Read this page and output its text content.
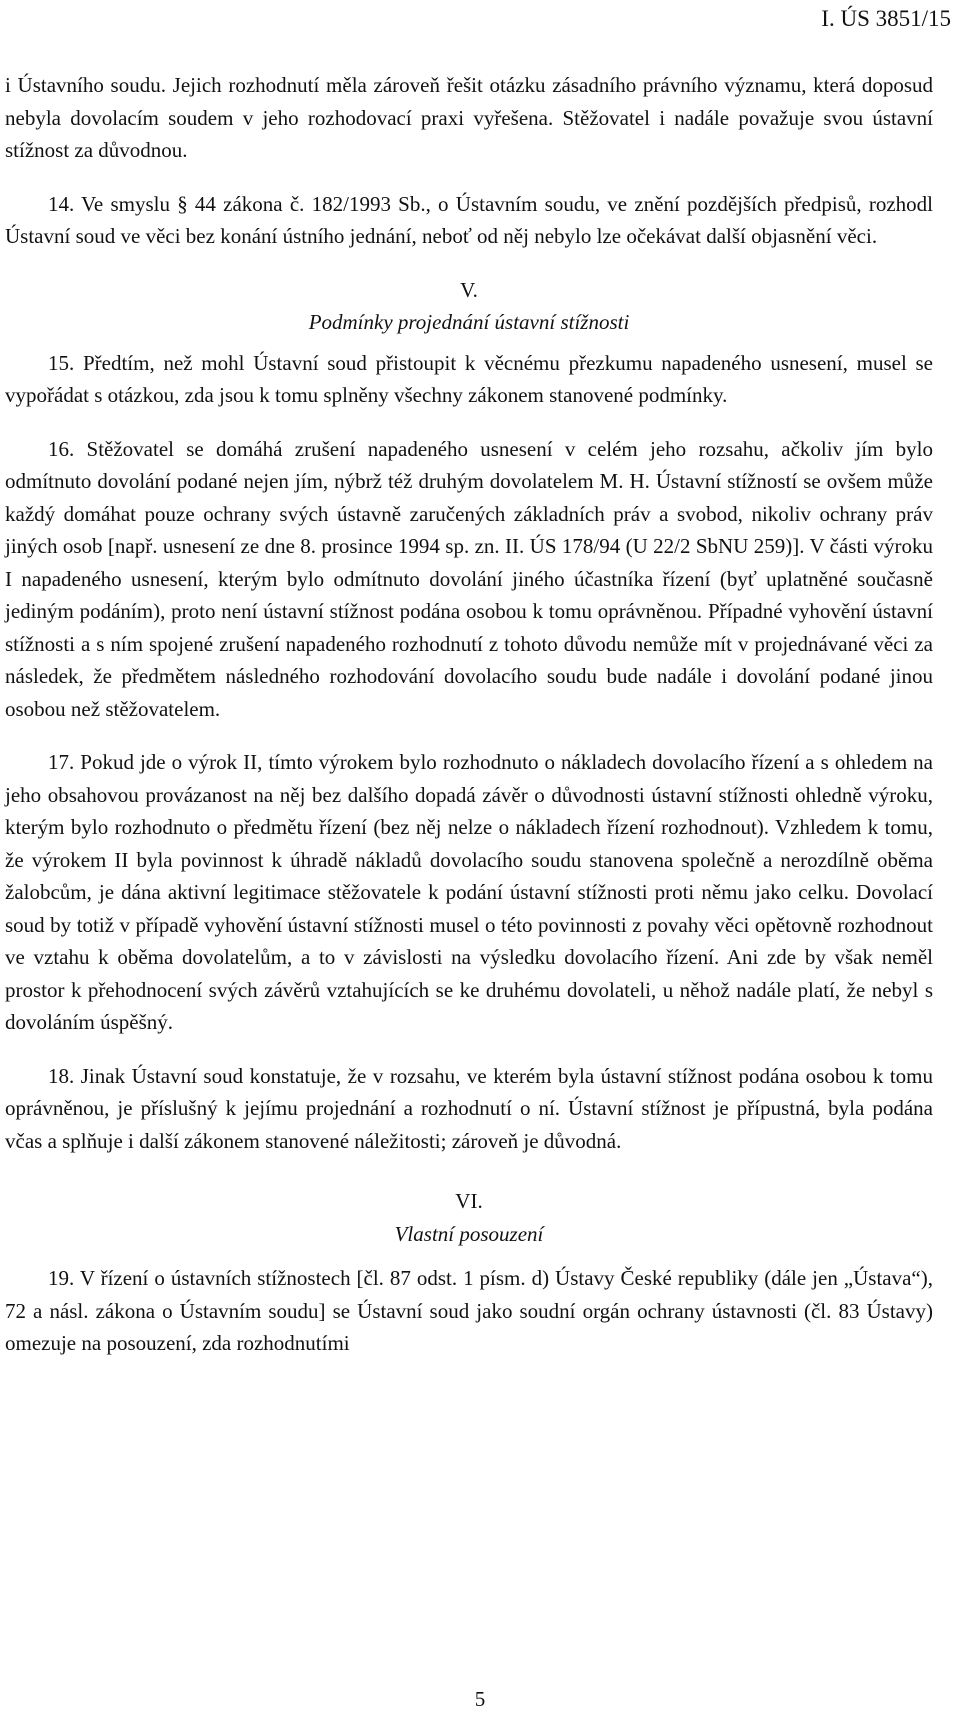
I. ÚS 3851/15

i Ústavního soudu. Jejich rozhodnutí měla zároveň řešit otázku zásadního právního významu, která doposud nebyla dovolacím soudem v jeho rozhodovací praxi vyřešena. Stěžovatel i nadále považuje svou ústavní stížnost za důvodnou.

14. Ve smyslu § 44 zákona č. 182/1993 Sb., o Ústavním soudu, ve znění pozdějších předpisů, rozhodl Ústavní soud ve věci bez konání ústního jednání, neboť od něj nebylo lze očekávat další objasnění věci.

V.

Podmínky projednání ústavní stížnosti

15. Předtím, než mohl Ústavní soud přistoupit k věcnému přezkumu napadeného usnesení, musel se vypořádat s otázkou, zda jsou k tomu splněny všechny zákonem stanovené podmínky.

16. Stěžovatel se domáhá zrušení napadeného usnesení v celém jeho rozsahu, ačkoliv jím bylo odmítnuto dovolání podané nejen jím, nýbrž též druhým dovolatelem M. H. Ústavní stížností se ovšem může každý domáhat pouze ochrany svých ústavně zaručených základních práv a svobod, nikoliv ochrany práv jiných osob [např. usnesení ze dne 8. prosince 1994 sp. zn. II. ÚS 178/94 (U 22/2 SbNU 259)]. V části výroku I napadeného usnesení, kterým bylo odmítnuto dovolání jiného účastníka řízení (byť uplatněné současně jediným podáním), proto není ústavní stížnost podána osobou k tomu oprávněnou. Případné vyhovění ústavní stížnosti a s ním spojené zrušení napadeného rozhodnutí z tohoto důvodu nemůže mít v projednávané věci za následek, že předmětem následného rozhodování dovolacího soudu bude nadále i dovolání podané jinou osobou než stěžovatelem.

17. Pokud jde o výrok II, tímto výrokem bylo rozhodnuto o nákladech dovolacího řízení a s ohledem na jeho obsahovou provázanost na něj bez dalšího dopadá závěr o důvodnosti ústavní stížnosti ohledně výroku, kterým bylo rozhodnuto o předmětu řízení (bez něj nelze o nákladech řízení rozhodnout). Vzhledem k tomu, že výrokem II byla povinnost k úhradě nákladů dovolacího soudu stanovena společně a nerozdílně oběma žalobcům, je dána aktivní legitimace stěžovatele k podání ústavní stížnosti proti němu jako celku. Dovolací soud by totiž v případě vyhovění ústavní stížnosti musel o této povinnosti z povahy věci opětovně rozhodnout ve vztahu k oběma dovolatelům, a to v závislosti na výsledku dovolacího řízení. Ani zde by však neměl prostor k přehodnocení svých závěrů vztahujících se ke druhému dovolateli, u něhož nadále platí, že nebyl s dovoláním úspěšný.

18. Jinak Ústavní soud konstatuje, že v rozsahu, ve kterém byla ústavní stížnost podána osobou k tomu oprávněnou, je příslušný k jejímu projednání a rozhodnutí o ní. Ústavní stížnost je přípustná, byla podána včas a splňuje i další zákonem stanovené náležitosti; zároveň je důvodná.

VI.

Vlastní posouzení

19. V řízení o ústavních stížnostech [čl. 87 odst. 1 písm. d) Ústavy České republiky (dále jen „Ústava“), 72 a násl. zákona o Ústavním soudu] se Ústavní soud jako soudní orgán ochrany ústavnosti (čl. 83 Ústavy) omezuje na posouzení, zda rozhodnutími

5
